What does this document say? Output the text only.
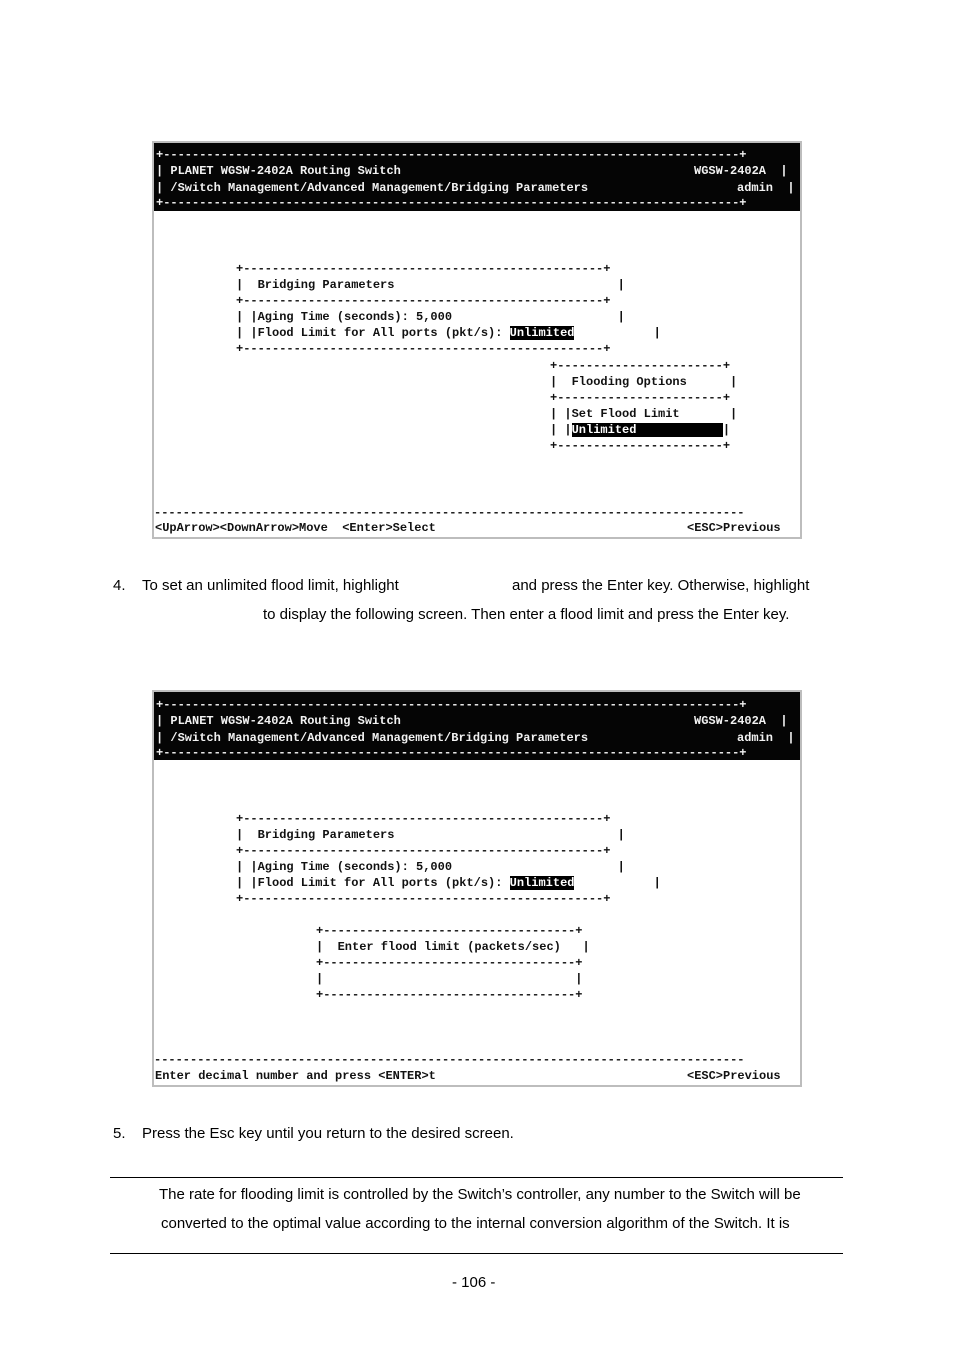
+--------------------------------------------------------------------------------+
| PLANET WGSW-2402A Routing Switch	WGSW-2402A  |
| /Switch Management/Advanced Management/Bridging Parameters	admin  |
+--------------------------------------------------------------------------------+
+--------------------------------------------------+
|  Bridging Parameters                               |
+--------------------------------------------------+
| |Aging Time (seconds): 5,000                       |
| |Flood Limit for All ports (pkt/s): Unlimited           |
+--------------------------------------------------+
+-----------------------+
|  Flooding Options      |
+-----------------------+
| |Set Flood Limit       |
| |Unlimited            |
+-----------------------+
----------------------------------------------------------------------------------
<UpArrow><DownArrow>Move  <Enter>Select	<ESC>Previous
4. To set an unlimited flood limit, highlight	and press the Enter key. Otherwise, highlight
to display the following screen. Then enter a flood limit and press the Enter key.
+--------------------------------------------------------------------------------+
| PLANET WGSW-2402A Routing Switch	WGSW-2402A  |
| /Switch Management/Advanced Management/Bridging Parameters	admin  |
+--------------------------------------------------------------------------------+
+--------------------------------------------------+
|  Bridging Parameters                               |
+--------------------------------------------------+
| |Aging Time (seconds): 5,000                       |
| |Flood Limit for All ports (pkt/s): Unlimited           |
+--------------------------------------------------+
+-----------------------------------+
|  Enter flood limit (packets/sec)   |
+-----------------------------------+
|                                   |
+-----------------------------------+
----------------------------------------------------------------------------------
Enter decimal number and press <ENTER>t	<ESC>Previous
5. Press the Esc key until you return to the desired screen.
The rate for flooding limit is controlled by the Switch’s controller, any number to the Switch will be
converted to the optimal value according to the internal conversion algorithm of the Switch. It is
- 106 -
